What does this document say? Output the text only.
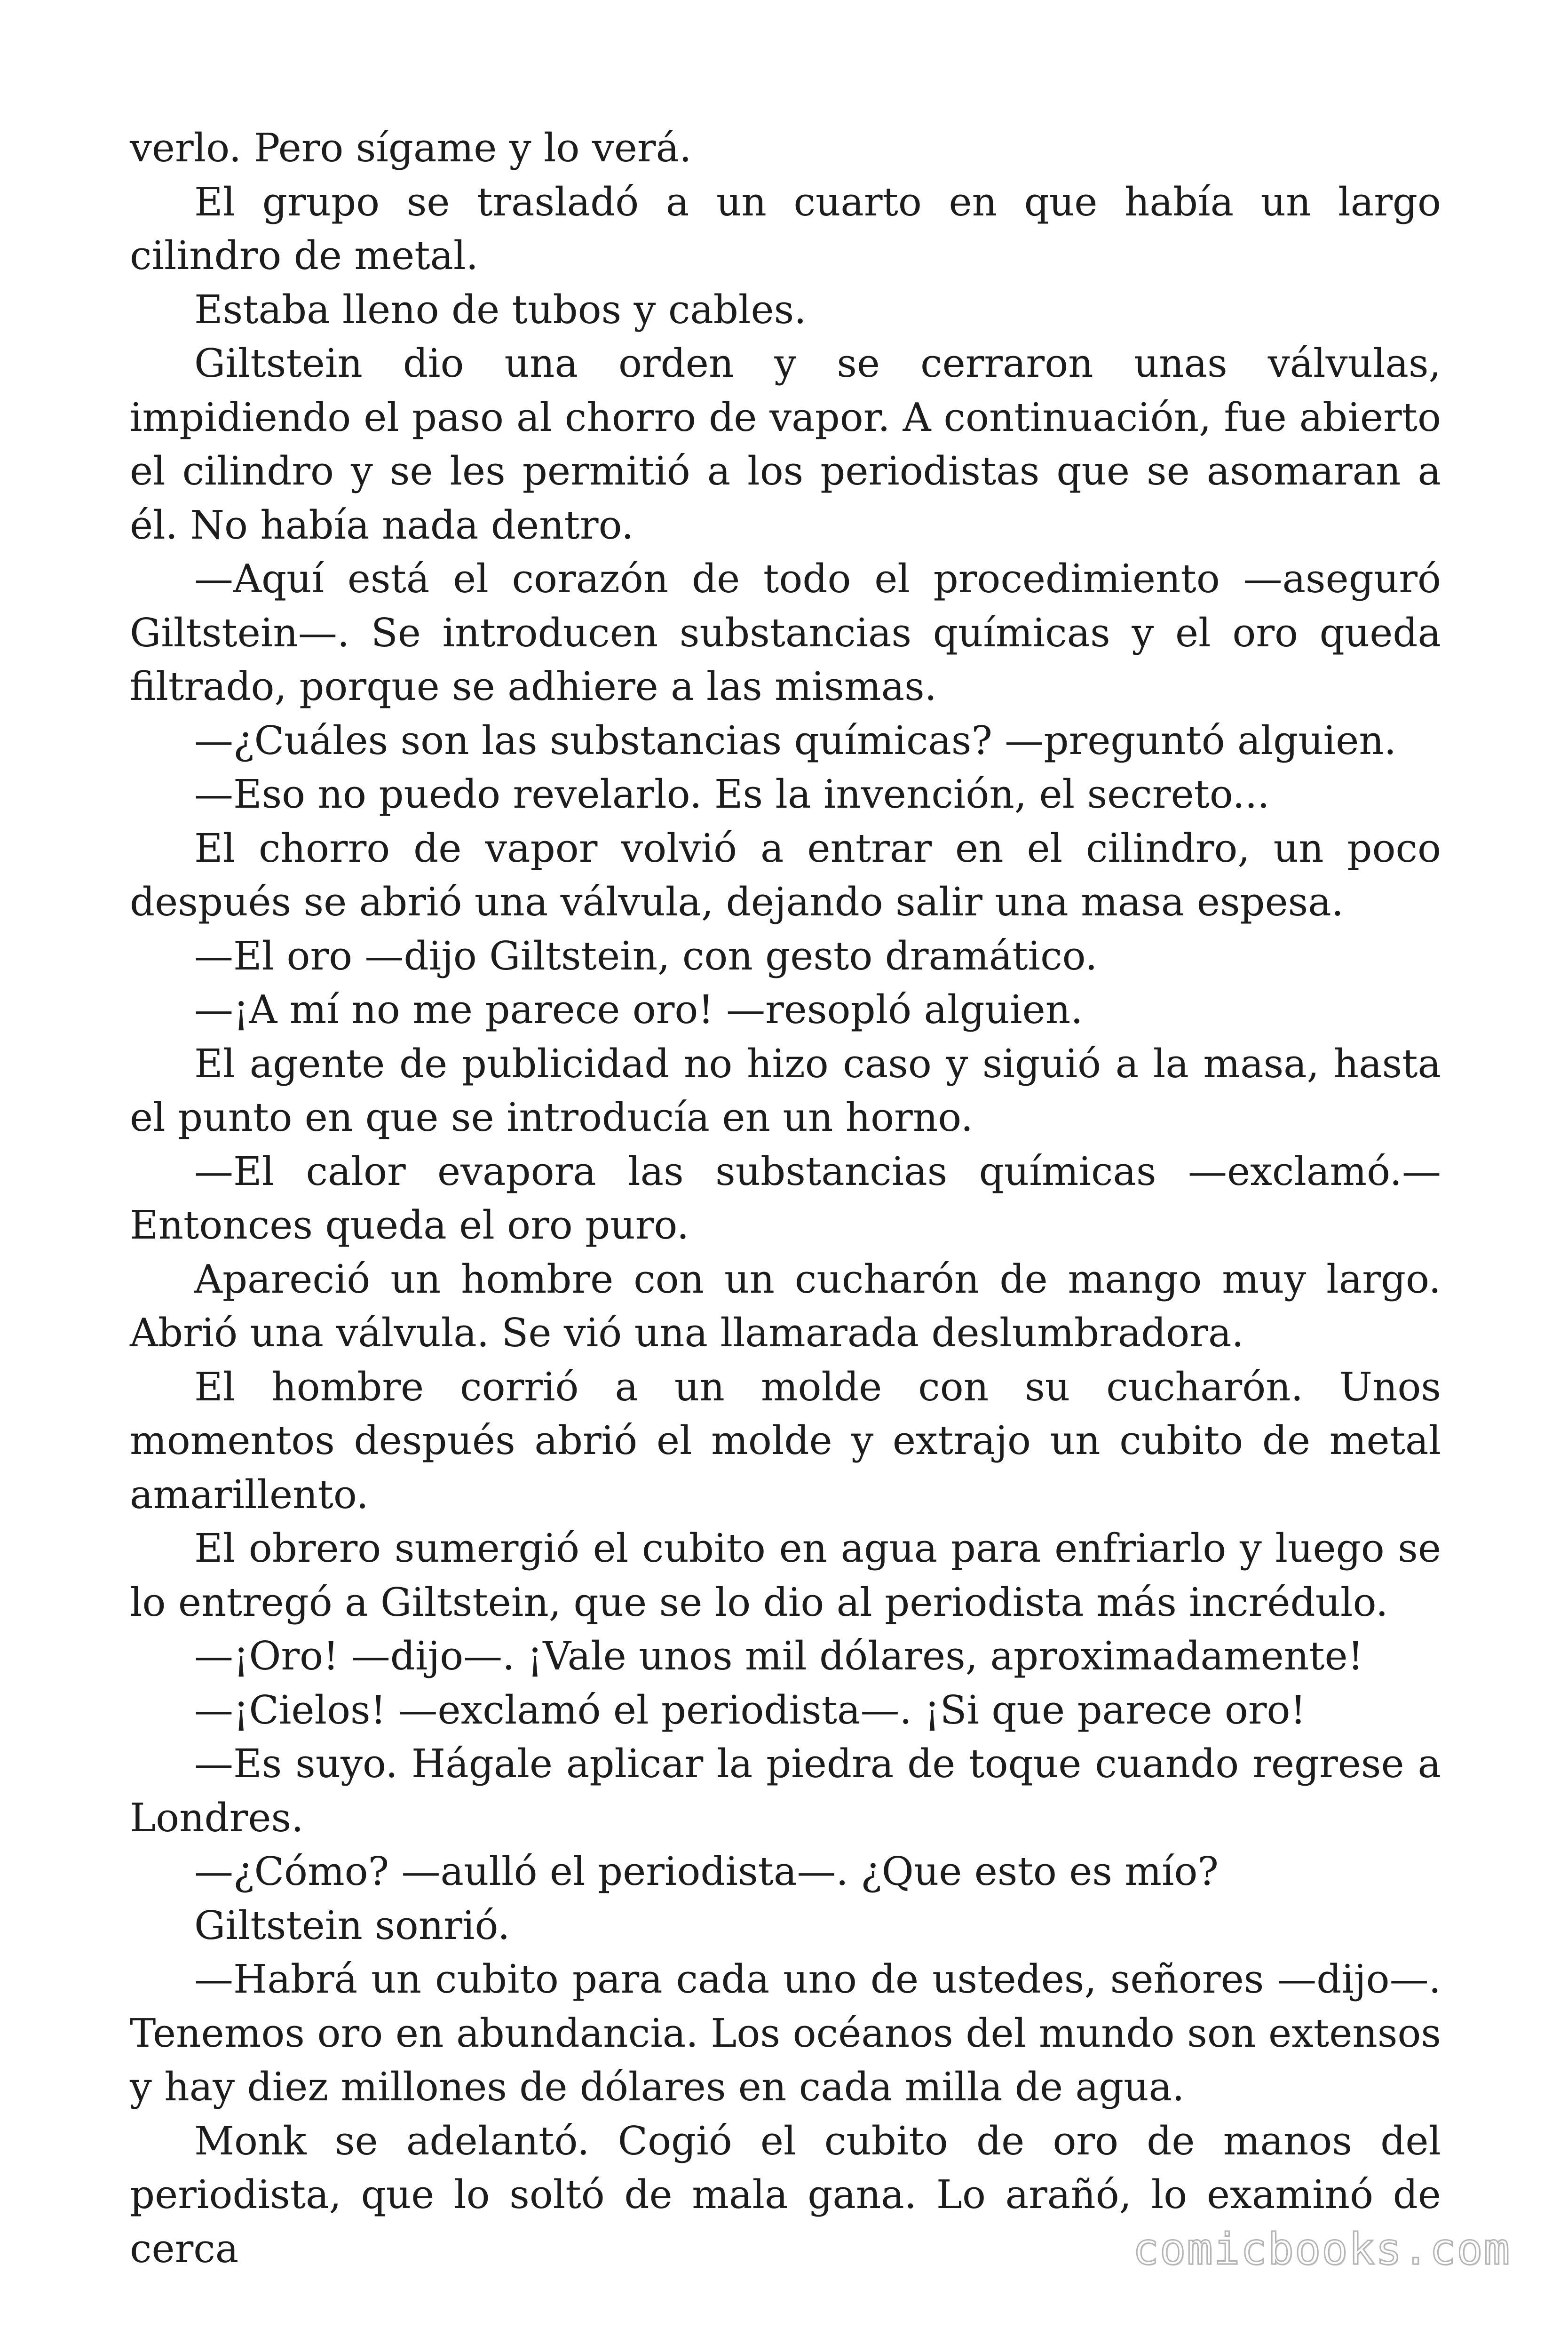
verlo. Pero sígame y lo verá.

El grupo se trasladó a un cuarto en que había un largo cilindro de metal.

Estaba lleno de tubos y cables.

Giltstein dio una orden y se cerraron unas válvulas, impidiendo el paso al chorro de vapor. A continuación, fue abierto el cilindro y se les permitió a los periodistas que se asomaran a él. No había nada dentro.

—Aquí está el corazón de todo el procedimiento —aseguró Giltstein—. Se introducen substancias químicas y el oro queda filtrado, porque se adhiere a las mismas.

—¿Cuáles son las substancias químicas? —preguntó alguien.

—Eso no puedo revelarlo. Es la invención, el secreto...

El chorro de vapor volvió a entrar en el cilindro, un poco después se abrió una válvula, dejando salir una masa espesa.

—El oro —dijo Giltstein, con gesto dramático.

—¡A mí no me parece oro! —resopló alguien.

El agente de publicidad no hizo caso y siguió a la masa, hasta el punto en que se introducía en un horno.

—El calor evapora las substancias químicas —exclamó.— Entonces queda el oro puro.

Apareció un hombre con un cucharón de mango muy largo. Abrió una válvula. Se vió una llamarada deslumbradora.

El hombre corrió a un molde con su cucharón. Unos momentos después abrió el molde y extrajo un cubito de metal amarillento.

El obrero sumergió el cubito en agua para enfriarlo y luego se lo entregó a Giltstein, que se lo dio al periodista más incrédulo.

—¡Oro! —dijo—. ¡Vale unos mil dólares, aproximadamente!

—¡Cielos! —exclamó el periodista—. ¡Si que parece oro!

—Es suyo. Hágale aplicar la piedra de toque cuando regrese a Londres.

—¿Cómo? —aulló el periodista—. ¿Que esto es mío?

Giltstein sonrió.

—Habrá un cubito para cada uno de ustedes, señores —dijo—. Tenemos oro en abundancia. Los océanos del mundo son extensos y hay diez millones de dólares en cada milla de agua.

Monk se adelantó. Cogió el cubito de oro de manos del periodista, que lo soltó de mala gana. Lo arañó, lo examinó de cerca	comicbooks.com
